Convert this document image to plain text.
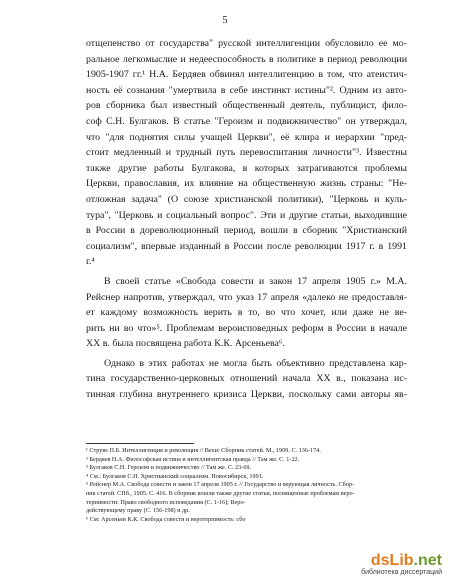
5
отщепенство от государства" русской интеллигенции обусловило ее мо-
ральное легкомыслие и недееспособность в политике в период революции
1905-1907 гг.¹ Н.А. Бердяев обвинял интеллигенцию в том, что атеистич-
ность её сознания "умертвила в себе инстинкт истины"². Одним из авто-
ров сборника был известный общественный деятель, публицист, фило-
соф С.Н. Булгаков. В статье "Героизм и подвижничество" он утверждал,
что "для поднятия силы учащей Церкви", её клира и иерархии "пред-
стоит медленный и трудный путь перевоспитания личности"³. Известны
также другие работы Булгакова, в которых затрагиваются проблемы
Церкви, православия, их влияние на общественную жизнь страны: "Не-
отложная задача" (О союзе христианской политики), "Церковь и куль-
тура", "Церковь и социальный вопрос". Эти и другие статьи, выходившие
в России в дореволюционный период, вошли в сборник "Христианский
социализм", впервые изданный в России после революции 1917 г. в 1991
г.⁴
В своей статье «Свобода совести и закон 17 апреля 1905 г.» М.А.
Рейснер напротив, утверждал, что указ 17 апреля «далеко не предоставля-
ет каждому возможность верить в то, во что хочет, или даже не ве-
рить ни во что»⁵. Проблемам вероисповедных реформ в России в начале
XX в. была посвящена работа К.К. Арсеньева⁶.
Однако в этих работах не могла быть объективно представлена кар-
тина государственно-церковных отношений начала XX в., показана ис-
тинная глубина внутреннего кризиса Церкви, поскольку сами авторы яв-
¹ Струве П.Б. Интеллигенция и революция // Вехи: Сборник статей. М., 1909. С. 136-174.
² Бердяев Н.А. Философская истина и интеллигентская правда // Там же. С. 1-22.
³ Булгаков С.Н. Героизм и подвижничество // Там же. С. 23-69.
⁴ См.: Булгаков С.Н. Христианский социализм. Новосибирск, 1991.
⁵ Рейснер М.А. Свобода совести и закон 17 апреля 1905 г. // Государство и верующая личность. Сбор-
ник статей. СПб., 1905. С. 416. В сборник вошли также другие статьи, посвященные проблемам веро-
терпимости: Право свободного исповедания (С. 1-16); Веро-
действующему праву (С. 156-198) и др.
⁶ См: Арсеньев К.К. Свобода совести и веротерпимость: сбо
dsLib.net
библиотека диссертаций
